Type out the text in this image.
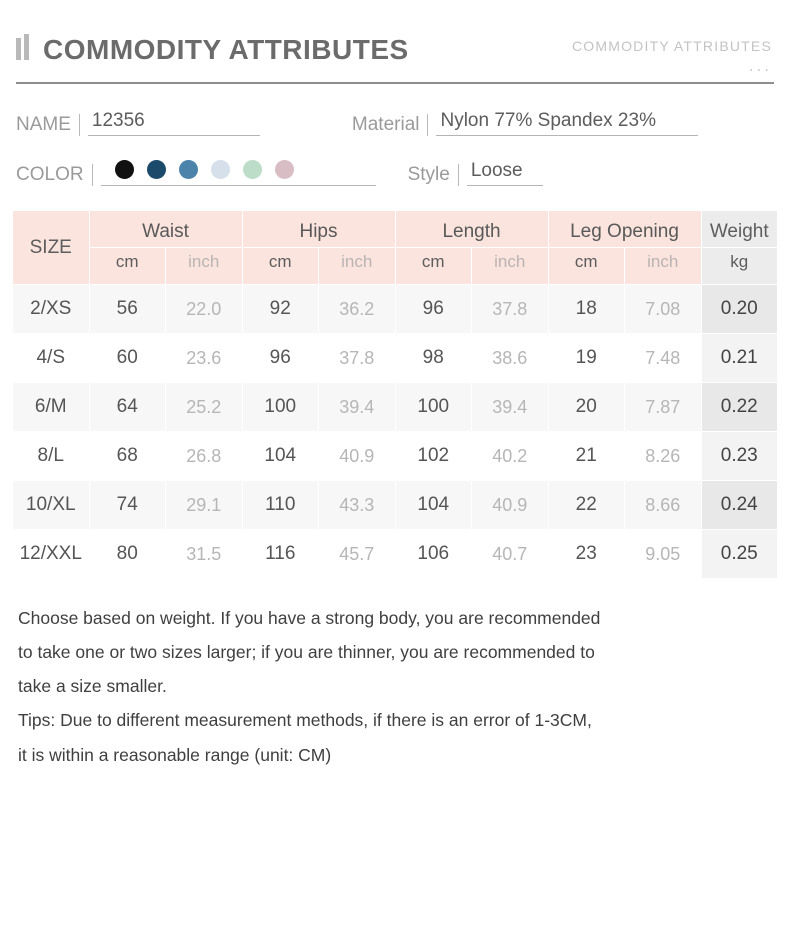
COMMODITY ATTRIBUTES	COMMODITY ATTRIBUTES
...
NAME	12356	Material	Nylon 77% Spandex 23%
COLOR	Style	Loose
SIZE	Waist		Hips		Length		Leg Opening		Weight
	cm	inch	cm	inch	cm	inch	cm	inch	kg
2/XS	56	22.0	92	36.2	96	37.8	18	7.08	0.20
4/S	60	23.6	96	37.8	98	38.6	19	7.48	0.21
6/M	64	25.2	100	39.4	100	39.4	20	7.87	0.22
8/L	68	26.8	104	40.9	102	40.2	21	8.26	0.23
10/XL	74	29.1	110	43.3	104	40.9	22	8.66	0.24
12/XXL	80	31.5	116	45.7	106	40.7	23	9.05	0.25

Choose based on weight. If you have a strong body, you are recommended

to take one or two sizes larger; if you are thinner, you are recommended to

take a size smaller.

Tips: Due to different measurement methods, if there is an error of 1-3CM,

it is within a reasonable range (unit: CM)
